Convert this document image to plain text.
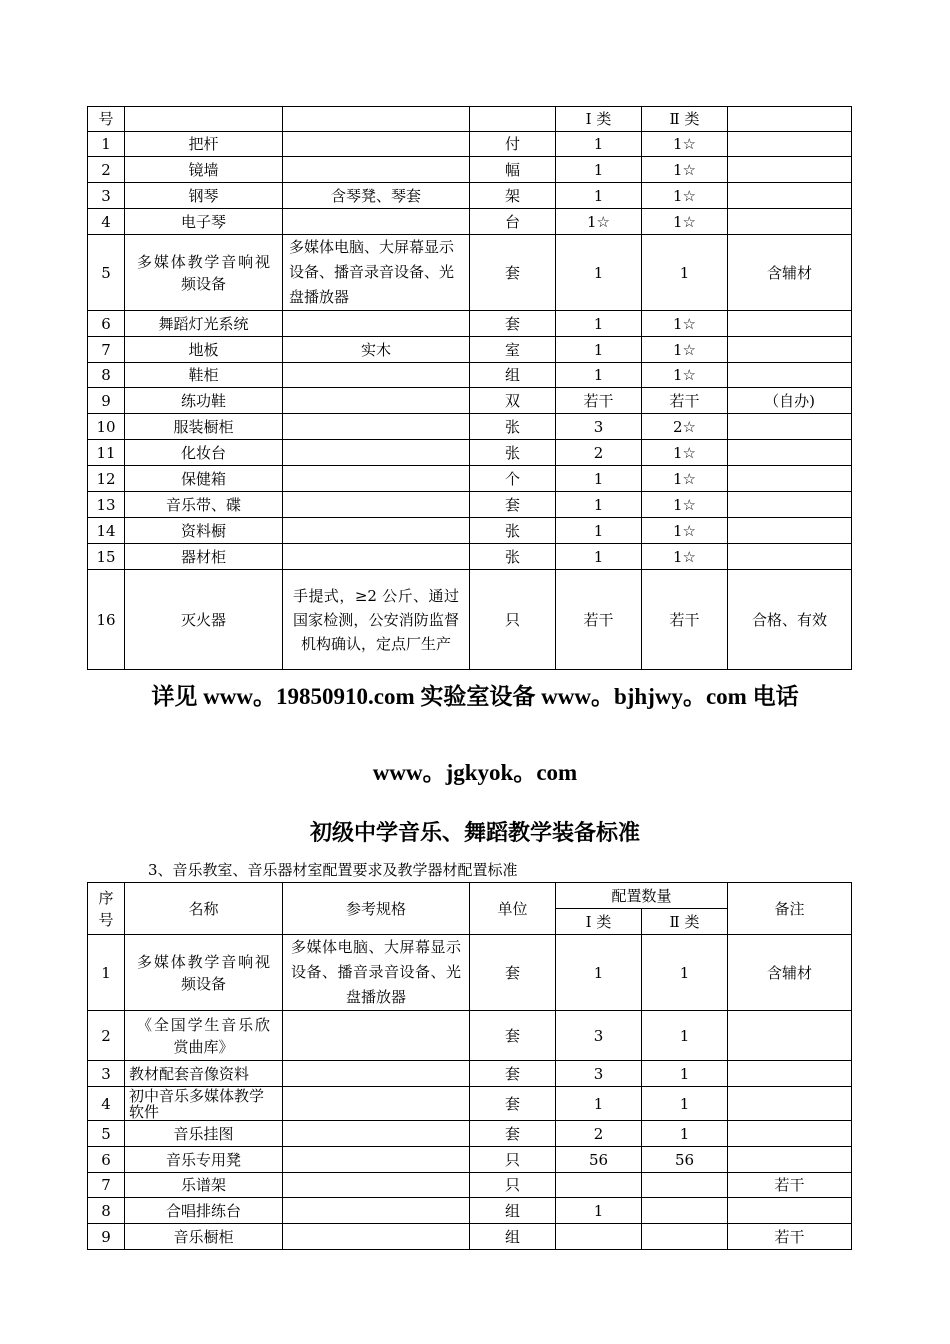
号				Ⅰ 类	Ⅱ 类	
1	把杆		付	1	1☆	
2	镜墙		幅	1	1☆	
3	钢琴	含琴凳、琴套	架	1	1☆	
4	电子琴		台	1☆	1☆	
5	多媒体教学音响视频设备	多媒体电脑、大屏幕显示设备、播音录音设备、光盘播放器	套	1	1	含辅材
6	舞蹈灯光系统		套	1	1☆	
7	地板	实木	室	1	1☆	
8	鞋柜		组	1	1☆	
9	练功鞋		双	若干	若干	（自办)
10	服装橱柜		张	3	2☆	
11	化妆台		张	2	1☆	
12	保健箱		个	1	1☆	
13	音乐带、碟		套	1	1☆	
14	资料橱		张	1	1☆	
15	器材柜		张	1	1☆	
16	灭火器	手提式，≥2 公斤、通过国家检测，公安消防监督机构确认，定点厂生产	只	若干	若干	合格、有效
详见 www。19850910.com 实验室设备 www。bjhjwy。com 电话
www。jgkyok。com
初级中学音乐、舞蹈教学装备标准
3、音乐教室、音乐器材室配置要求及教学器材配置标准
序号	名称	参考规格	单位	配置数量		备注
				Ⅰ 类	Ⅱ 类	
1	多媒体教学音响视频设备	多媒体电脑、大屏幕显示设备、播音录音设备、光盘播放器	套	1	1	含辅材
2	《全国学生音乐欣赏曲库》		套	3	1	
3	教材配套音像资料		套	3	1	
4	初中音乐多媒体教学软件		套	1	1	
5	音乐挂图		套	2	1	
6	音乐专用凳		只	56	56	
7	乐谱架		只			若干
8	合唱排练台		组	1		
9	音乐橱柜		组			若干
